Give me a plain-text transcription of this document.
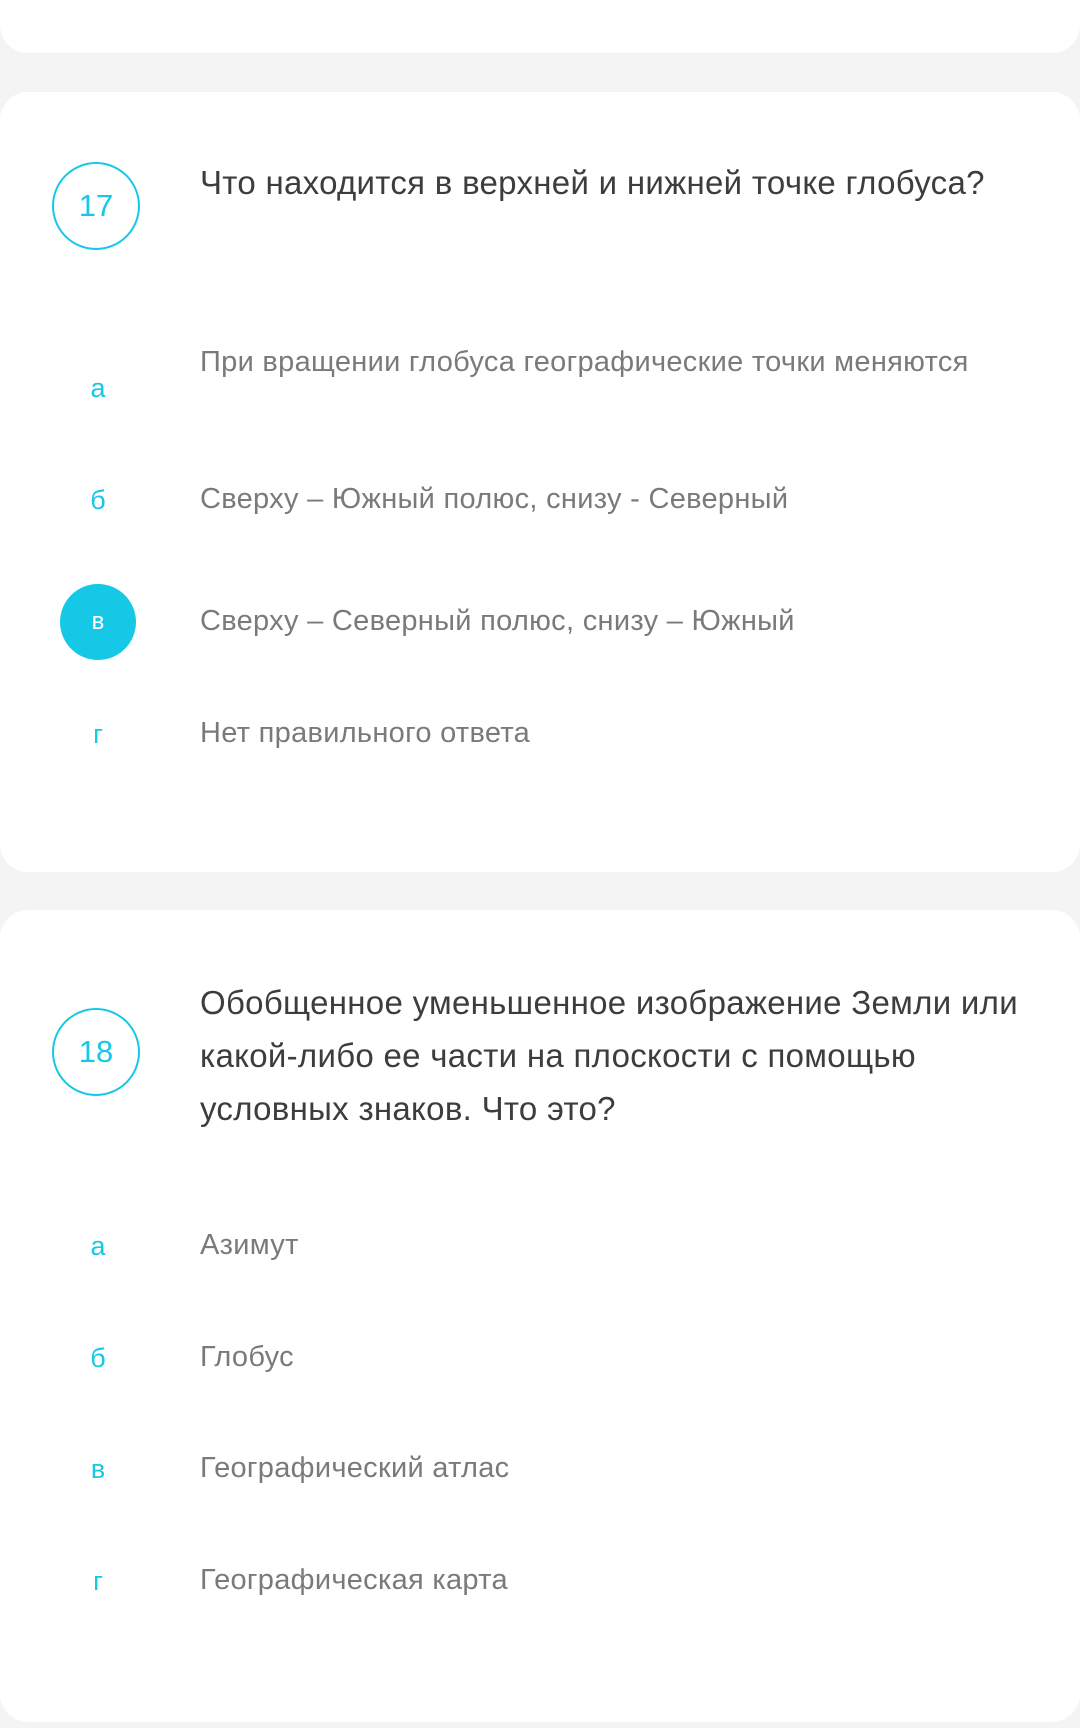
17
Что находится в верхней и нижней точке глобуса?
а
При вращении глобуса географические точки меняются
б	Сверху – Южный полюс, снизу - Северный
в	Сверху – Северный полюс, снизу – Южный
г	Нет правильного ответа
18
Обобщенное уменьшенное изображение Земли или какой-либо ее части на плоскости с помощью условных знаков. Что это?
а	Азимут
б	Глобус
в	Географический атлас
г	Географическая карта
